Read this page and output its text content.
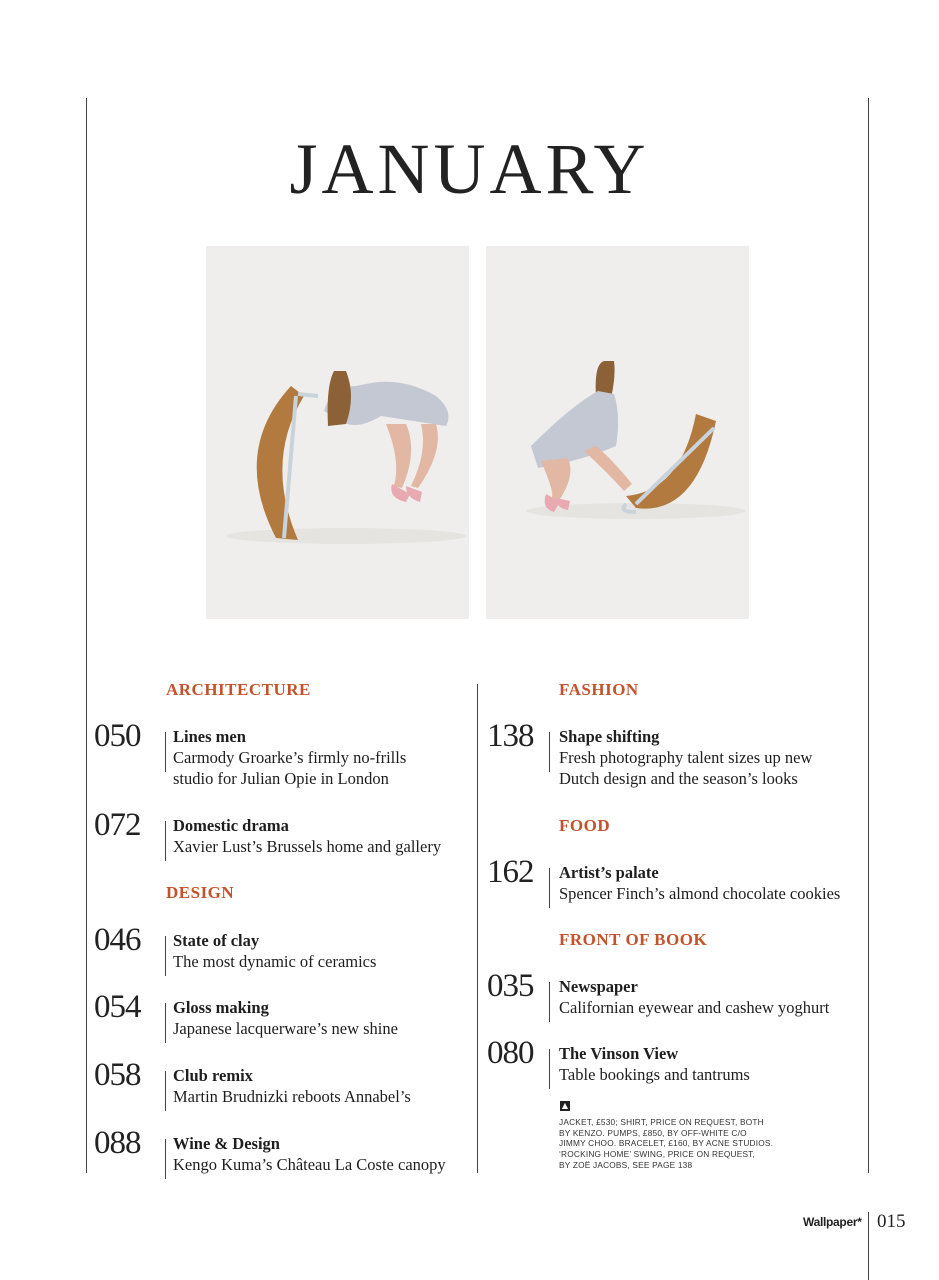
JANUARY
ARCHITECTURE
050 Lines men
Carmody Groarke’s firmly no-frills
studio for Julian Opie in London
072 Domestic drama
Xavier Lust’s Brussels home and gallery
DESIGN
046 State of clay
The most dynamic of ceramics
054 Gloss making
Japanese lacquerware’s new shine
058 Club remix
Martin Brudnizki reboots Annabel’s
088 Wine & Design
Kengo Kuma’s Château La Coste canopy
FASHION
138 Shape shifting
Fresh photography talent sizes up new
Dutch design and the season’s looks
FOOD
162 Artist’s palate
Spencer Finch’s almond chocolate cookies
FRONT OF BOOK
035 Newspaper
Californian eyewear and cashew yoghurt
080 The Vinson View
Table bookings and tantrums
▲
JACKET, £530; SHIRT, PRICE ON REQUEST, BOTH
BY KENZO. PUMPS, £850, BY OFF-WHITE C/O
JIMMY CHOO. BRACELET, £160, BY ACNE STUDIOS.
‘ROCKING HOME’ SWING, PRICE ON REQUEST,
BY ZOË JACOBS, SEE PAGE 138
Wallpaper* 015
